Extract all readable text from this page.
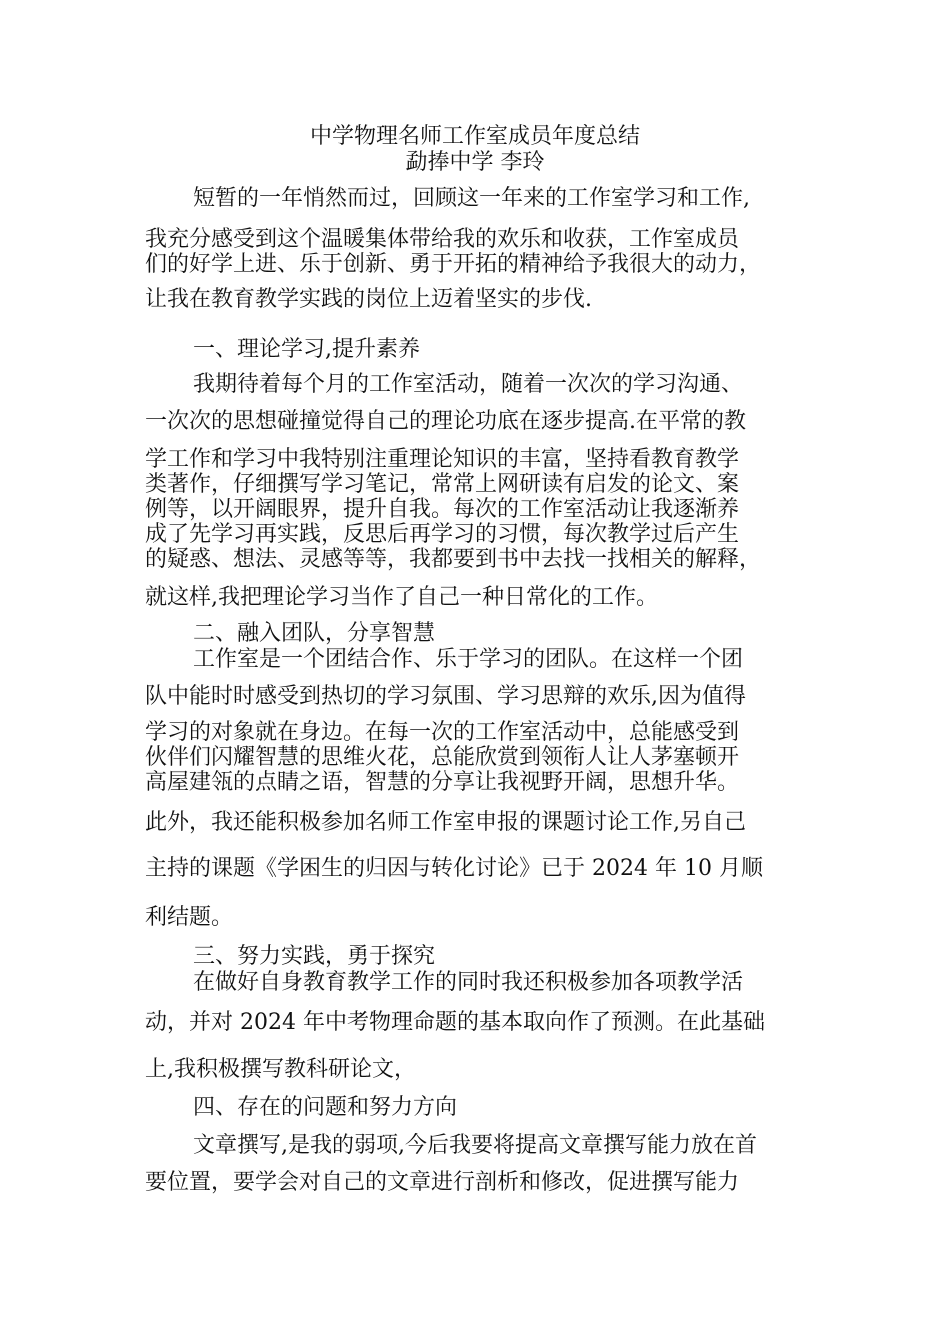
中学物理名师工作室成员年度总结
勐捧中学 李玲
短暂的一年悄然而过，回顾这一年来的工作室学习和工作,
我充分感受到这个温暖集体带给我的欢乐和收获，工作室成员
们的好学上进、乐于创新、勇于开拓的精神给予我很大的动力，
让我在教育教学实践的岗位上迈着坚实的步伐.
一、理论学习,提升素养
我期待着每个月的工作室活动，随着一次次的学习沟通、
一次次的思想碰撞觉得自己的理论功底在逐步提高.在平常的教
学工作和学习中我特别注重理论知识的丰富，坚持看教育教学
类著作，仔细撰写学习笔记，常常上网研读有启发的论文、案
例等，以开阔眼界，提升自我。每次的工作室活动让我逐渐养
成了先学习再实践，反思后再学习的习惯，每次教学过后产生
的疑惑、想法、灵感等等，我都要到书中去找一找相关的解释，
就这样,我把理论学习当作了自己一种日常化的工作。
二、融入团队，分享智慧
工作室是一个团结合作、乐于学习的团队。在这样一个团
队中能时时感受到热切的学习氛围、学习思辩的欢乐,因为值得
学习的对象就在身边。在每一次的工作室活动中，总能感受到
伙伴们闪耀智慧的思维火花，总能欣赏到领衔人让人茅塞顿开
高屋建瓴的点睛之语，智慧的分享让我视野开阔，思想升华。
此外，我还能积极参加名师工作室申报的课题讨论工作,另自己
主持的课题《学困生的归因与转化讨论》已于 2024 年 10 月顺
利结题。
三、努力实践，勇于探究
在做好自身教育教学工作的同时我还积极参加各项教学活
动，并对 2024 年中考物理命题的基本取向作了预测。在此基础
上,我积极撰写教科研论文，
四、存在的问题和努力方向
文章撰写,是我的弱项,今后我要将提高文章撰写能力放在首
要位置，要学会对自己的文章进行剖析和修改，促进撰写能力
